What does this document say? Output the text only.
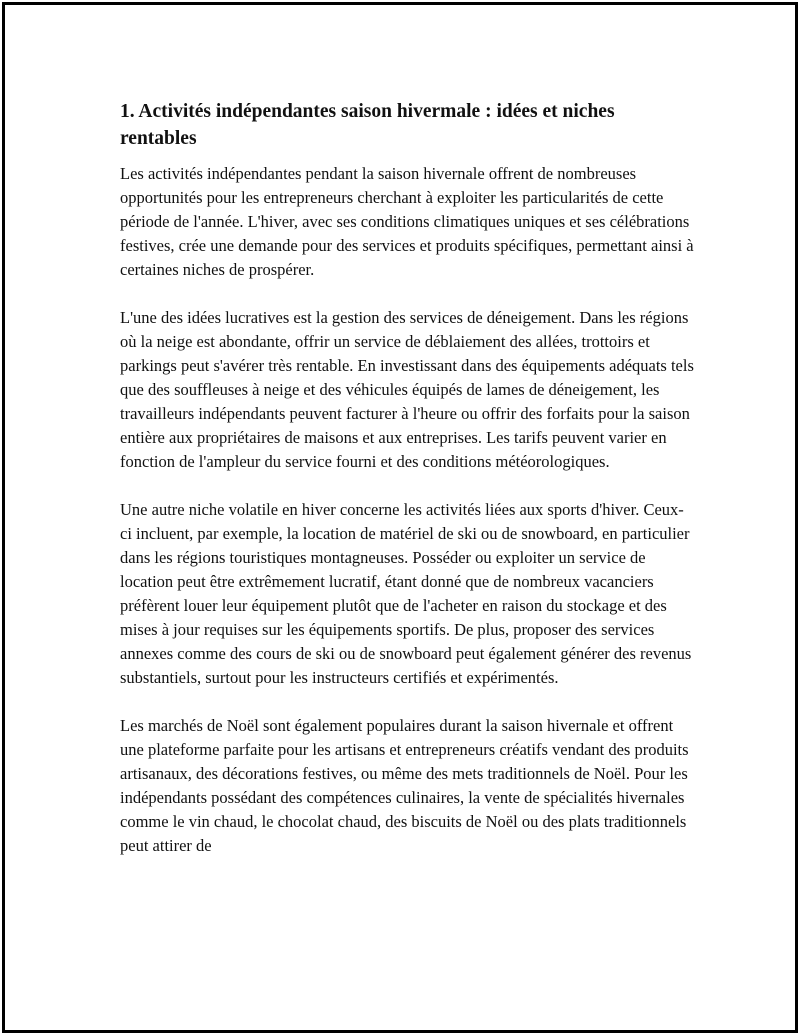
1. Activités indépendantes saison hivermale : idées et niches rentables

Les activités indépendantes pendant la saison hivernale offrent de nombreuses opportunités pour les entrepreneurs cherchant à exploiter les particularités de cette période de l'année. L'hiver, avec ses conditions climatiques uniques et ses célébrations festives, crée une demande pour des services et produits spécifiques, permettant ainsi à certaines niches de prospérer.

L'une des idées lucratives est la gestion des services de déneigement. Dans les régions où la neige est abondante, offrir un service de déblaiement des allées, trottoirs et parkings peut s'avérer très rentable. En investissant dans des équipements adéquats tels que des souffleuses à neige et des véhicules équipés de lames de déneigement, les travailleurs indépendants peuvent facturer à l'heure ou offrir des forfaits pour la saison entière aux propriétaires de maisons et aux entreprises. Les tarifs peuvent varier en fonction de l'ampleur du service fourni et des conditions météorologiques.

Une autre niche volatile en hiver concerne les activités liées aux sports d'hiver. Ceux-ci incluent, par exemple, la location de matériel de ski ou de snowboard, en particulier dans les régions touristiques montagneuses. Posséder ou exploiter un service de location peut être extrêmement lucratif, étant donné que de nombreux vacanciers préfèrent louer leur équipement plutôt que de l'acheter en raison du stockage et des mises à jour requises sur les équipements sportifs. De plus, proposer des services annexes comme des cours de ski ou de snowboard peut également générer des revenus substantiels, surtout pour les instructeurs certifiés et expérimentés.

Les marchés de Noël sont également populaires durant la saison hivernale et offrent une plateforme parfaite pour les artisans et entrepreneurs créatifs vendant des produits artisanaux, des décorations festives, ou même des mets traditionnels de Noël. Pour les indépendants possédant des compétences culinaires, la vente de spécialités hivernales comme le vin chaud, le chocolat chaud, des biscuits de Noël ou des plats traditionnels peut attirer de
